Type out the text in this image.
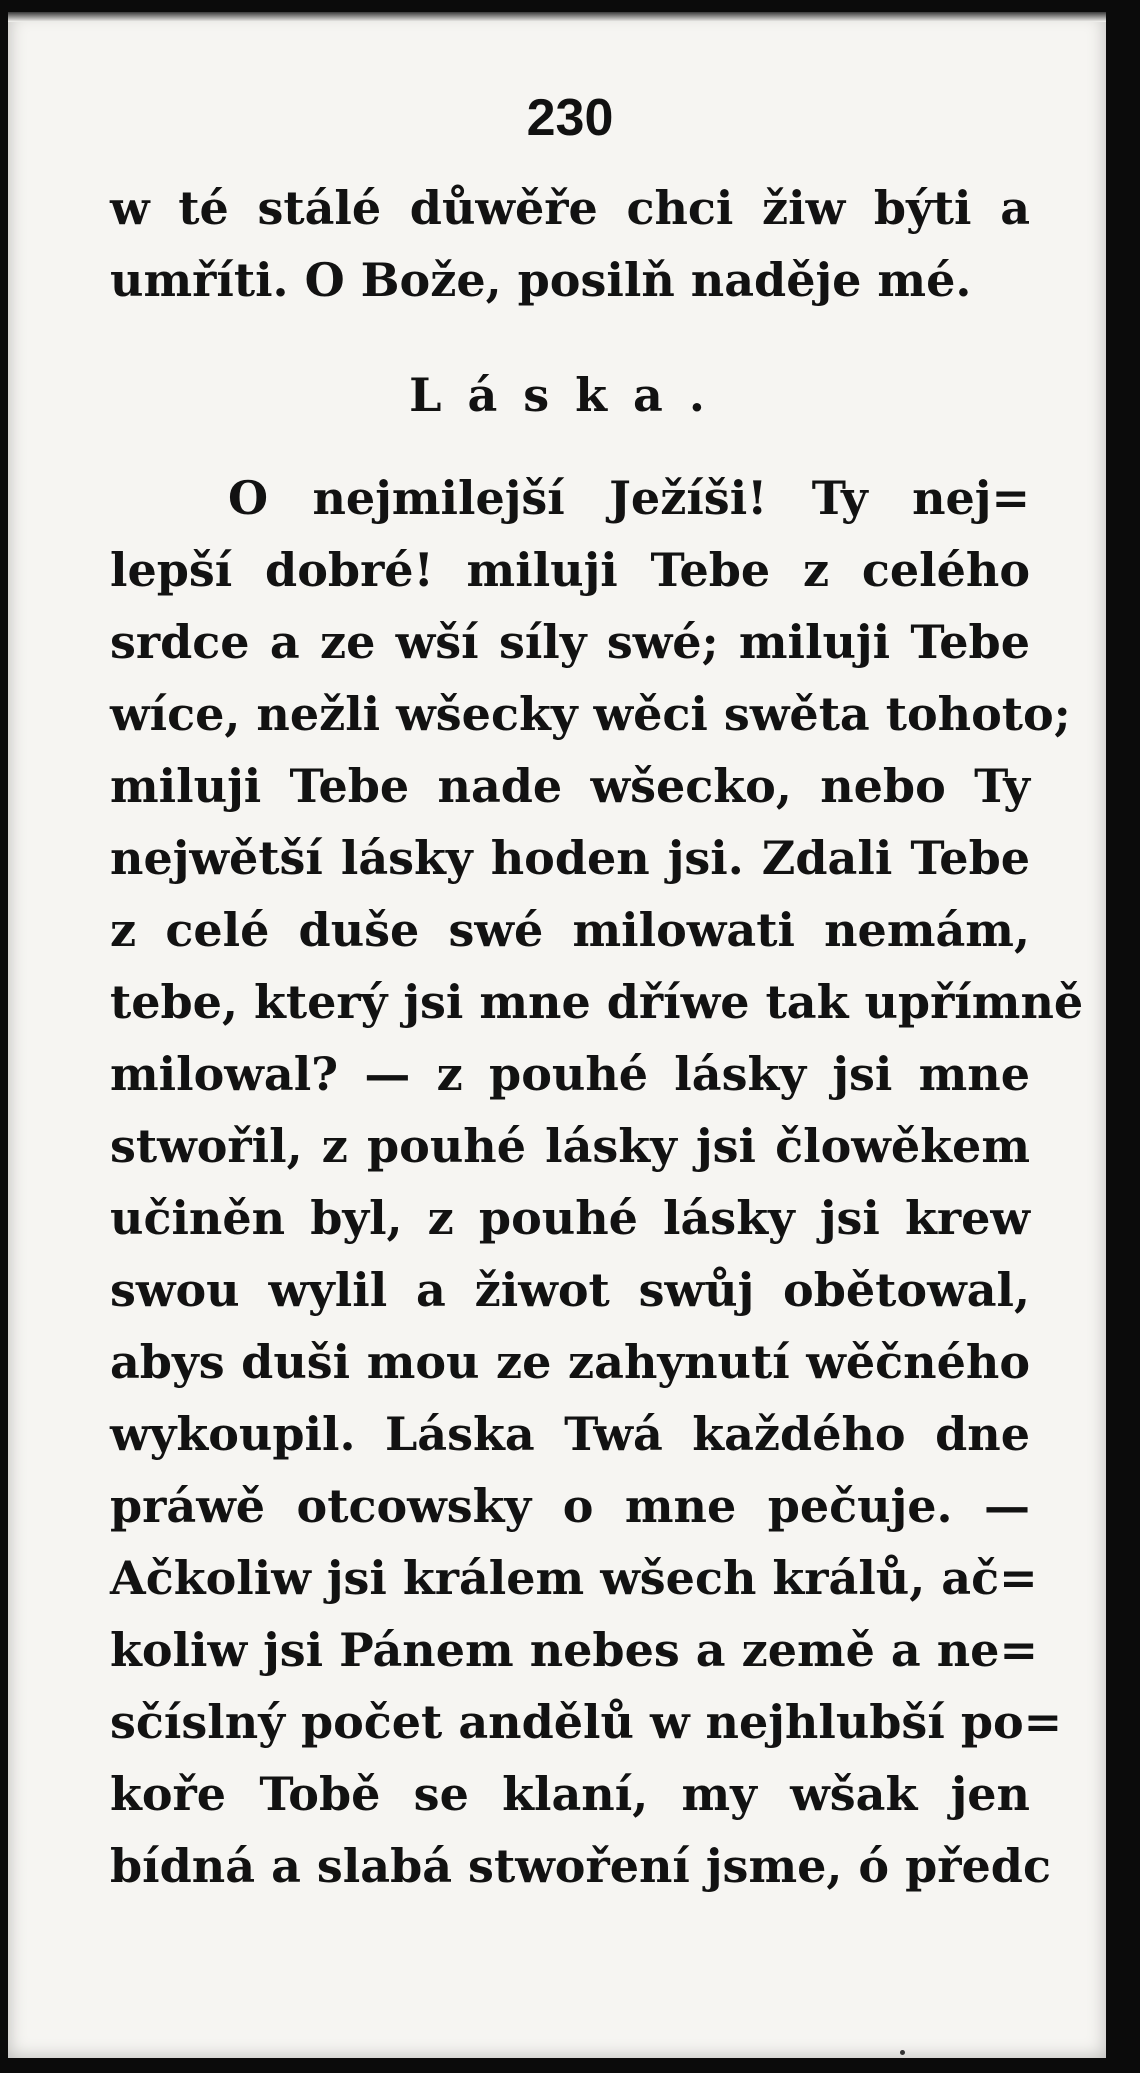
230
w té stálé důwěře chci žiw býti a
umříti. O Bože, posilň naděje mé.
Láska.
O nejmilejší Ježíši! Ty nej=
lepší dobré! miluji Tebe z celého
srdce a ze wší síly swé; miluji Tebe
wíce, nežli wšecky wěci swěta tohoto;
miluji Tebe nade wšecko, nebo Ty
nejwětší lásky hoden jsi. Zdali Tebe
z celé duše swé milowati nemám,
tebe, který jsi mne dříwe tak upřímně
milowal? — z pouhé lásky jsi mne
stwořil, z pouhé lásky jsi člowěkem
učiněn byl, z pouhé lásky jsi krew
swou wylil a žiwot swůj obětowal,
abys duši mou ze zahynutí wěčného
wykoupil. Láska Twá každého dne
práwě otcowsky o mne pečuje. —
Ačkoliw jsi králem wšech králů, ač=
koliw jsi Pánem nebes a země a ne=
sčíslný počet andělů w nejhlubší po=
koře Tobě se klaní, my wšak jen
bídná a slabá stwoření jsme, ó předc
